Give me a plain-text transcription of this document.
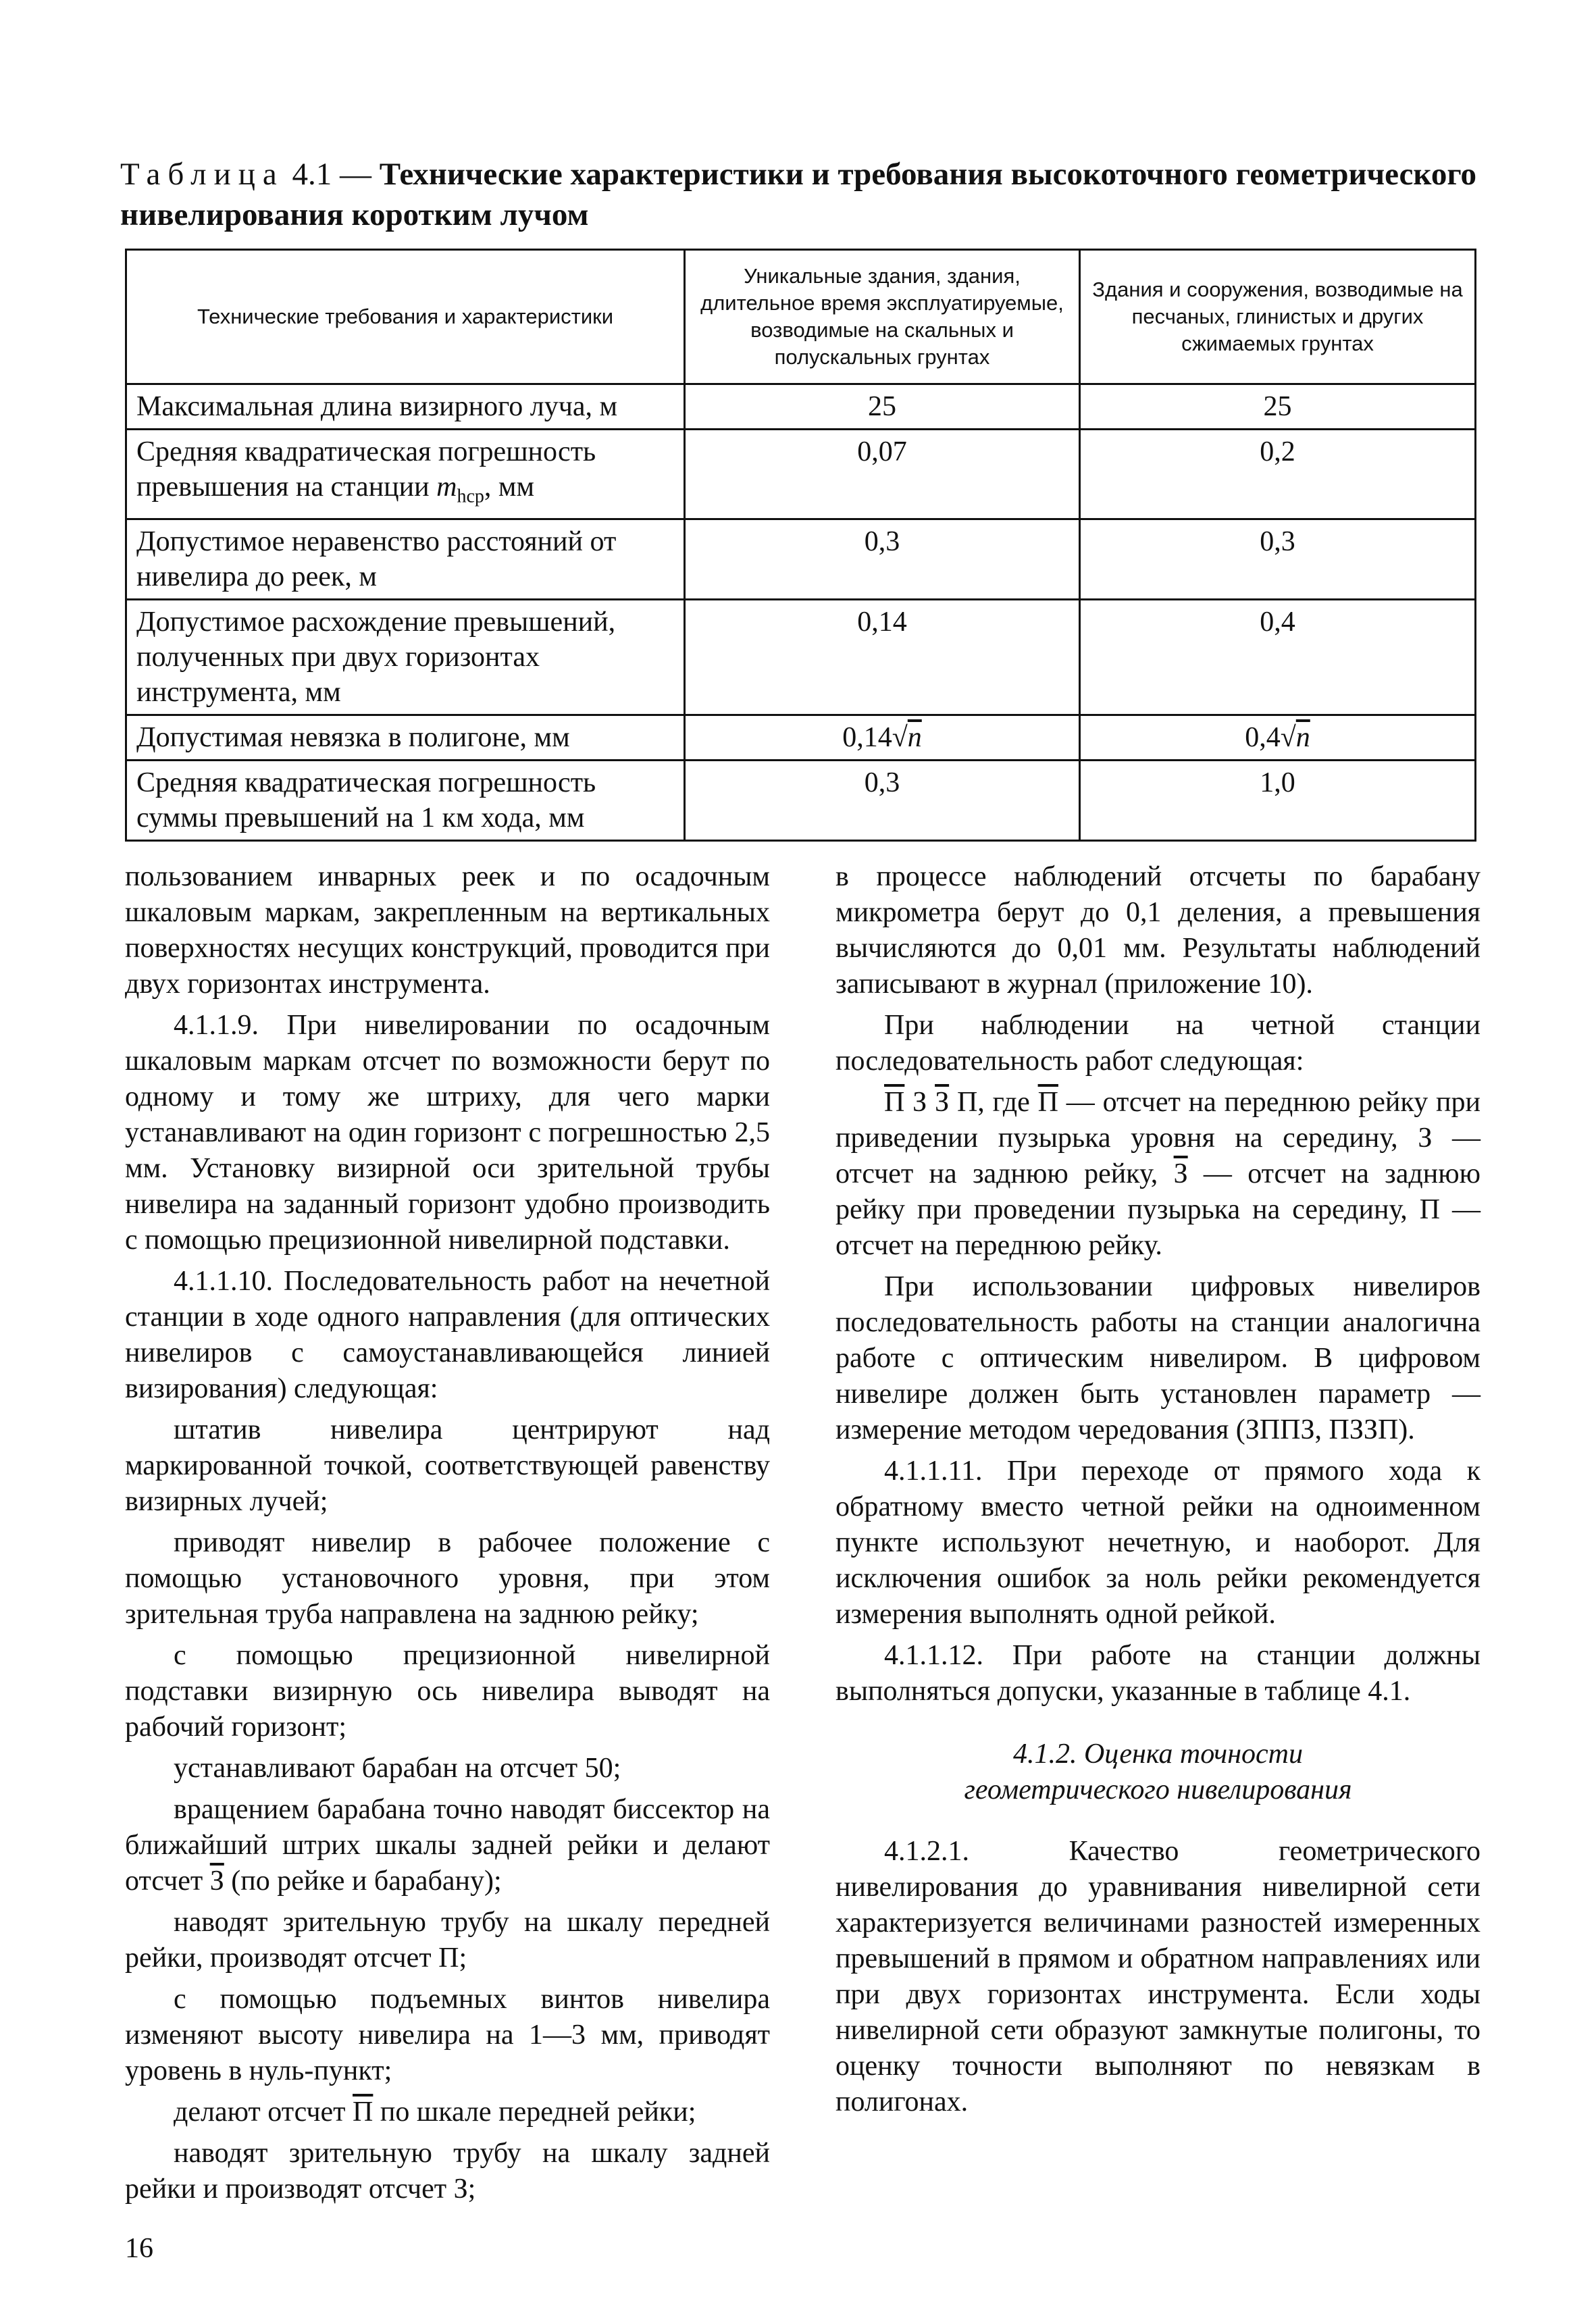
Таблица 4.1 — Технические характеристики и требования высокоточного геометрического нивелирования коротким лучом
Технические требования и характеристики	Уникальные здания, здания, длительное время эксплуатируемые, возводимые на скальных и полускальных грунтах	Здания и сооружения, возводимые на песчаных, глинистых и других сжимаемых грунтах
Максимальная длина визирного луча, м	25	25
Средняя квадратическая погрешность превышения на станции $m_{hср}$, мм	0,07	0,2
Допустимое неравенство расстояний от нивелира до реек, м	0,3	0,3
Допустимое расхождение превышений, полученных при двух горизонтах инструмента, мм	0,14	0,4
Допустимая невязка в полигоне, мм	0,14√n	0,4√n
Средняя квадратическая погрешность суммы превышений на 1 км хода, мм	0,3	1,0

пользованием инварных реек и по осадочным шкаловым маркам, закрепленным на вертикальных поверхностях несущих конструкций, проводится при двух горизонтах инструмента.

4.1.1.9. При нивелировании по осадочным шкаловым маркам отсчет по возможности берут по одному и тому же штриху, для чего марки устанавливают на один горизонт с погрешностью 2,5 мм. Установку визирной оси зрительной трубы нивелира на заданный горизонт удобно производить с помощью прецизионной нивелирной подставки.

4.1.1.10. Последовательность работ на нечетной станции в ходе одного направления (для оптических нивелиров с самоустанавливающейся линией визирования) следующая:

штатив нивелира центрируют над маркированной точкой, соответствующей равенству визирных лучей;

приводят нивелир в рабочее положение с помощью установочного уровня, при этом зрительная труба направлена на заднюю рейку;

с помощью прецизионной нивелирной подставки визирную ось нивелира выводят на рабочий горизонт;

устанавливают барабан на отсчет 50;

вращением барабана точно наводят биссектор на ближайший штрих шкалы задней рейки и делают отсчет З (по рейке и барабану);

наводят зрительную трубу на шкалу передней рейки, производят отсчет П;

с помощью подъемных винтов нивелира изменяют высоту нивелира на 1—3 мм, приводят уровень в нуль-пункт;

делают отсчет П по шкале передней рейки;

наводят зрительную трубу на шкалу задней рейки и производят отсчет З;

в процессе наблюдений отсчеты по барабану микрометра берут до 0,1 деления, а превышения вычисляются до 0,01 мм. Результаты наблюдений записывают в журнал (приложение 10).

При наблюдении на четной станции последовательность работ следующая:

П З З П, где П — отсчет на переднюю рейку при приведении пузырька уровня на середину, З — отсчет на заднюю рейку, З — отсчет на заднюю рейку при проведении пузырька на середину, П — отсчет на переднюю рейку.

При использовании цифровых нивелиров последовательность работы на станции аналогична работе с оптическим нивелиром. В цифровом нивелире должен быть установлен параметр — измерение методом чередования (ЗППЗ, ПЗЗП).

4.1.1.11. При переходе от прямого хода к обратному вместо четной рейки на одноименном пункте используют нечетную, и наоборот. Для исключения ошибок за ноль рейки рекомендуется измерения выполнять одной рейкой.

4.1.1.12. При работе на станции должны выполняться допуски, указанные в таблице 4.1.

4.1.2. Оценка точности
геометрического нивелирования

4.1.2.1. Качество геометрического нивелирования до уравнивания нивелирной сети характеризуется величинами разностей измеренных превышений в прямом и обратном направлениях или при двух горизонтах инструмента. Если ходы нивелирной сети образуют замкнутые полигоны, то оценку точности выполняют по невязкам в полигонах.

16
